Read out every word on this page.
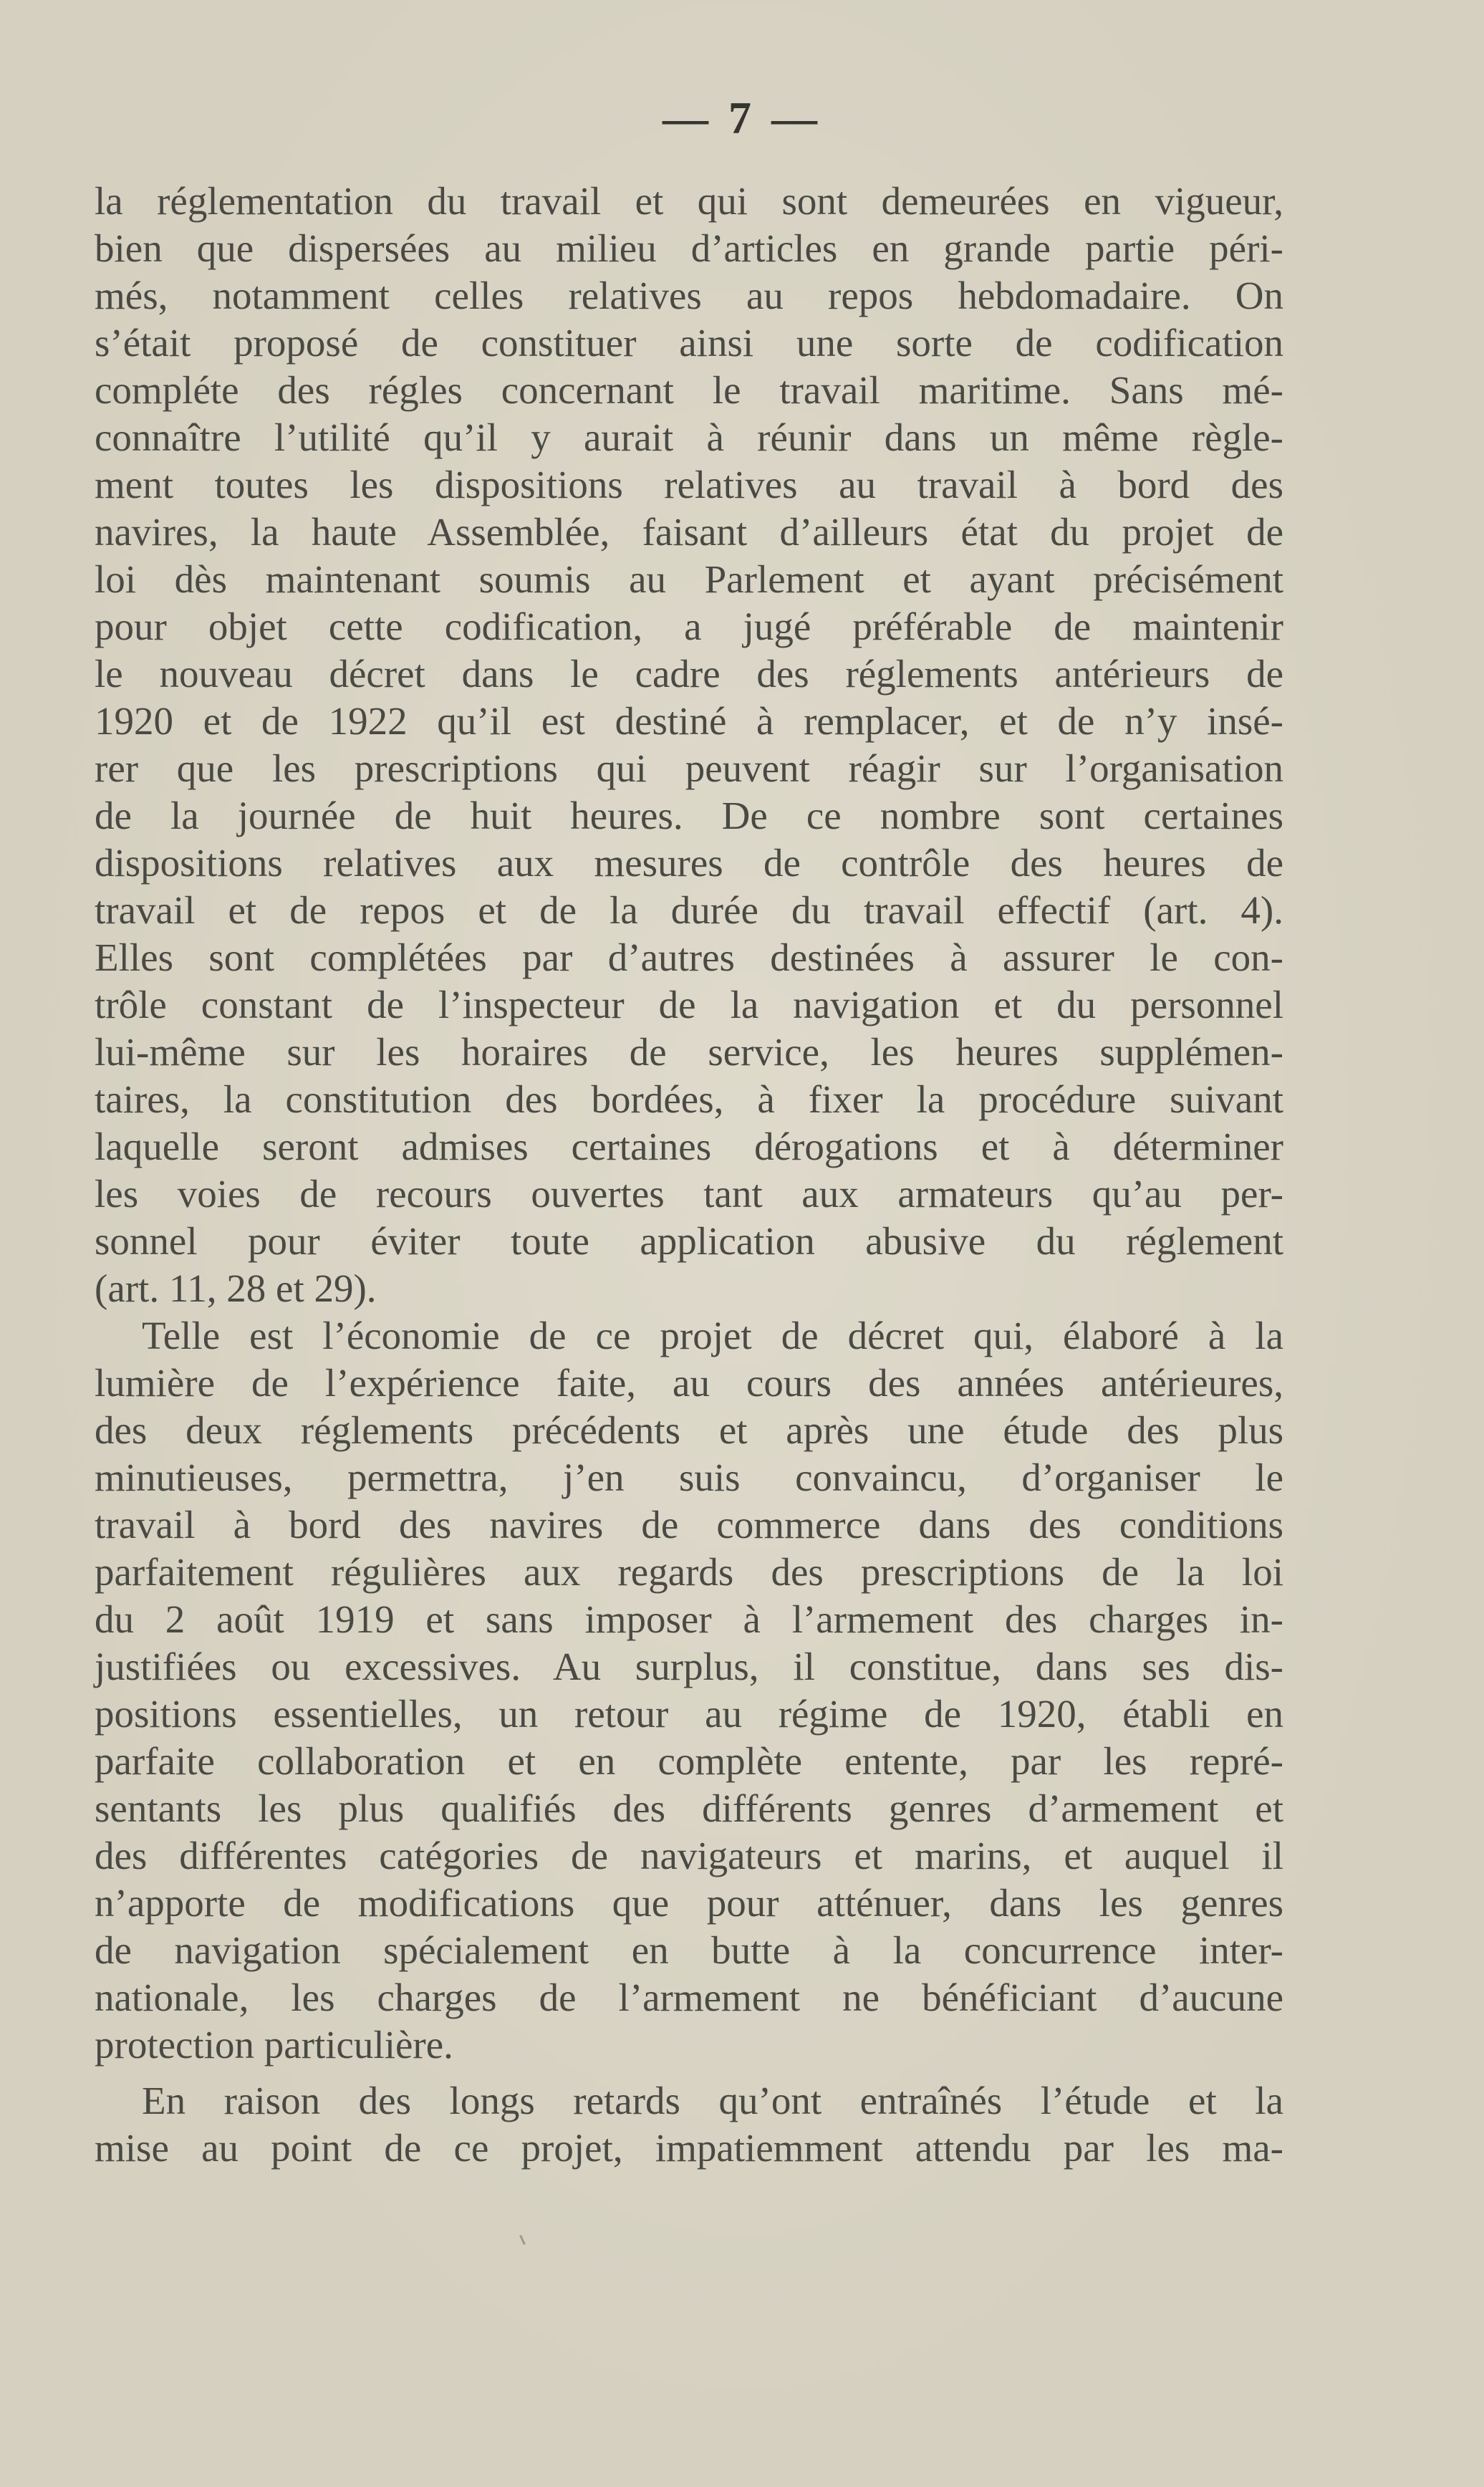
— 7 —
la réglementation du travail et qui sont demeurées en vigueur,
bien que dispersées au milieu d’articles en grande partie péri-
més, notamment celles relatives au repos hebdomadaire. On
s’était proposé de constituer ainsi une sorte de codification
compléte des régles concernant le travail maritime. Sans mé-
connaître l’utilité qu’il y aurait à réunir dans un même règle-
ment toutes les dispositions relatives au travail à bord des
navires, la haute Assemblée, faisant d’ailleurs état du projet de
loi dès maintenant soumis au Parlement et ayant précisément
pour objet cette codification, a jugé préférable de maintenir
le nouveau décret dans le cadre des réglements antérieurs de
1920 et de 1922 qu’il est destiné à remplacer, et de n’y insé-
rer que les prescriptions qui peuvent réagir sur l’organisation
de la journée de huit heures. De ce nombre sont certaines
dispositions relatives aux mesures de contrôle des heures de
travail et de repos et de la durée du travail effectif (art. 4).
Elles sont complétées par d’autres destinées à assurer le con-
trôle constant de l’inspecteur de la navigation et du personnel
lui-même sur les horaires de service, les heures supplémen-
taires, la constitution des bordées, à fixer la procédure suivant
laquelle seront admises certaines dérogations et à déterminer
les voies de recours ouvertes tant aux armateurs qu’au per-
sonnel pour éviter toute application abusive du réglement
(art. 11, 28 et 29).
Telle est l’économie de ce projet de décret qui, élaboré à la
lumière de l’expérience faite, au cours des années antérieures,
des deux réglements précédents et après une étude des plus
minutieuses, permettra, j’en suis convaincu, d’organiser le
travail à bord des navires de commerce dans des conditions
parfaitement régulières aux regards des prescriptions de la loi
du 2 août 1919 et sans imposer à l’armement des charges in-
justifiées ou excessives. Au surplus, il constitue, dans ses dis-
positions essentielles, un retour au régime de 1920, établi en
parfaite collaboration et en complète entente, par les repré-
sentants les plus qualifiés des différents genres d’armement et
des différentes catégories de navigateurs et marins, et auquel il
n’apporte de modifications que pour atténuer, dans les genres
de navigation spécialement en butte à la concurrence inter-
nationale, les charges de l’armement ne bénéficiant d’aucune
protection particulière.
En raison des longs retards qu’ont entraînés l’étude et la
mise au point de ce projet, impatiemment attendu par les ma-
